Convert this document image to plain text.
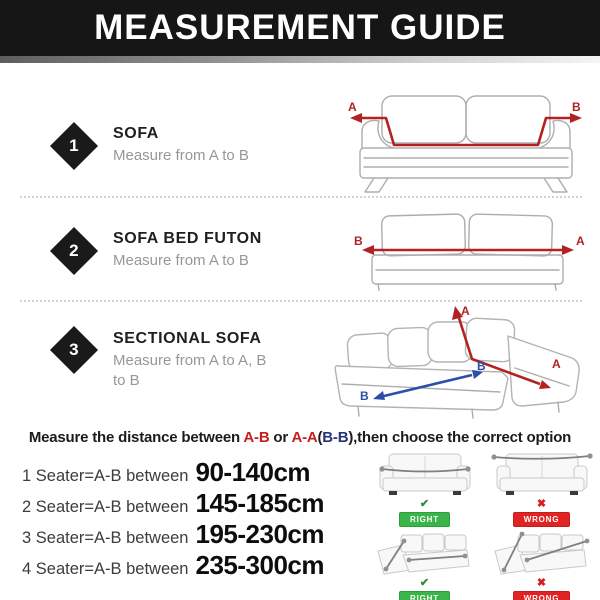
MEASUREMENT GUIDE
1
SOFA
Measure from A to B
A	B
2
SOFA BED FUTON
Measure from A to B
B	A
3
SECTIONAL SOFA
Measure from A to A, B to B
A
A
B
B
Measure the distance between A-B or A-A(B-B),then choose the correct option
1 Seater=A-B between 90-140cm
2 Seater=A-B between 145-185cm
3 Seater=A-B between 195-230cm
4 Seater=A-B between 235-300cm
✔
RIGHT
✖
WRONG
✔
RIGHT
✖
WRONG
